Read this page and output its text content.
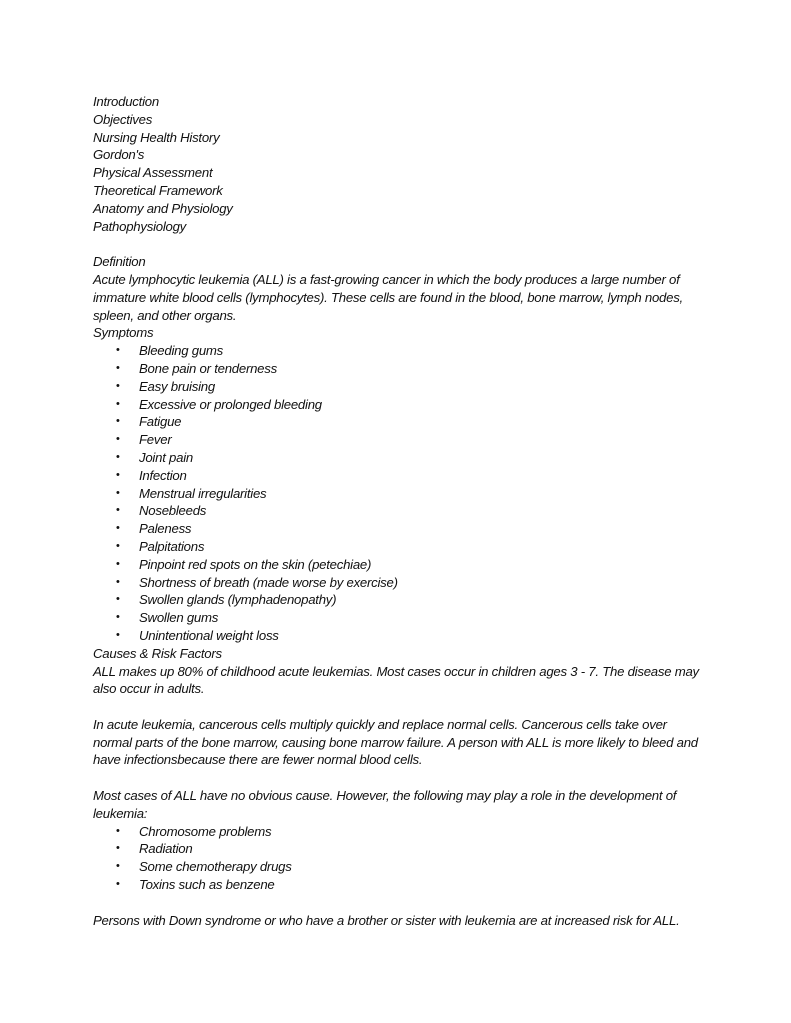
Introduction
Objectives
Nursing Health History
Gordon's
Physical Assessment
Theoretical Framework
Anatomy and Physiology
Pathophysiology
Definition

Acute lymphocytic leukemia (ALL) is a fast-growing cancer in which the body produces a large number of immature white blood cells (lymphocytes). These cells are found in the blood, bone marrow, lymph nodes, spleen, and other organs.

Symptoms
• Bleeding gums
• Bone pain or tenderness
• Easy bruising
• Excessive or prolonged bleeding
• Fatigue
• Fever
• Joint pain
• Infection
• Menstrual irregularities
• Nosebleeds
• Paleness
• Palpitations
• Pinpoint red spots on the skin (petechiae)
• Shortness of breath (made worse by exercise)
• Swollen glands (lymphadenopathy)
• Swollen gums
• Unintentional weight loss
Causes & Risk Factors

ALL makes up 80% of childhood acute leukemias. Most cases occur in children ages 3 - 7. The disease may also occur in adults.

In acute leukemia, cancerous cells multiply quickly and replace normal cells. Cancerous cells take over normal parts of the bone marrow, causing bone marrow failure. A person with ALL is more likely to bleed and have infectionsbecause there are fewer normal blood cells.

Most cases of ALL have no obvious cause. However, the following may play a role in the development of leukemia:

• Chromosome problems
• Radiation
• Some chemotherapy drugs
• Toxins such as benzene

Persons with Down syndrome or who have a brother or sister with leukemia are at increased risk for ALL.
